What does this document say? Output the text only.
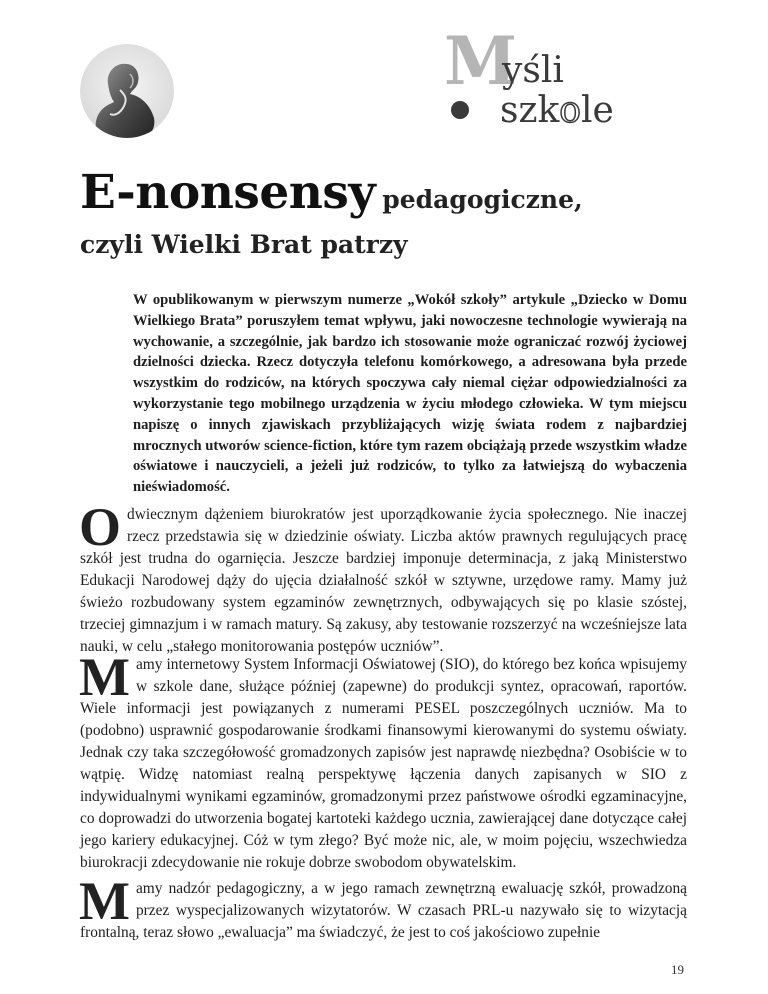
M
yśli
szkole
E-nonsensy pedagogiczne,
czyli Wielki Brat patrzy

W opublikowanym w pierwszym numerze „Wokół szkoły” artykule „Dziecko w Domu Wielkiego Brata” poruszyłem temat wpływu, jaki nowoczesne technologie wywierają na wychowanie, a szczególnie, jak bardzo ich stosowanie może ograniczać rozwój życiowej dzielności dziecka. Rzecz dotyczyła telefonu komórkowego, a adresowana była przede wszystkim do rodziców, na których spoczywa cały niemal ciężar odpowiedzialności za wykorzystanie tego mobilnego urządzenia w życiu młodego człowieka. W tym miejscu napiszę o innych zjawiskach przybliżających wizję świata rodem z najbardziej mrocznych utworów science-fiction, które tym razem obciążają przede wszystkim władze oświatowe i nauczycieli, a jeżeli już rodziców, to tylko za łatwiejszą do wybaczenia nieświadomość.

Odwiecznym dążeniem biurokratów jest uporządkowanie życia społecznego. Nie inaczej rzecz przedstawia się w dziedzinie oświaty. Liczba aktów prawnych regulujących pracę szkół jest trudna do ogarnięcia. Jeszcze bardziej imponuje determinacja, z jaką Ministerstwo Edukacji Narodowej dąży do ujęcia działalność szkół w sztywne, urzędowe ramy. Mamy już świeżo rozbudowany system egzaminów zewnętrznych, odbywających się po klasie szóstej, trzeciej gimnazjum i w ramach matury. Są zakusy, aby testowanie rozszerzyć na wcześniejsze lata nauki, w celu „stałego monitorowania postępów uczniów”.

Mamy internetowy System Informacji Oświatowej (SIO), do którego bez końca wpisujemy w szkole dane, służące później (zapewne) do produkcji syntez, opracowań, raportów. Wiele informacji jest powiązanych z numerami PESEL poszczególnych uczniów. Ma to (podobno) usprawnić gospodarowanie środkami finansowymi kierowanymi do systemu oświaty. Jednak czy taka szczegółowość gromadzonych zapisów jest naprawdę niezbędna? Osobiście w to wątpię. Widzę natomiast realną perspektywę łączenia danych zapisanych w SIO z indywidualnymi wynikami egzaminów, gromadzonymi przez państwowe ośrodki egzaminacyjne, co doprowadzi do utworzenia bogatej kartoteki każdego ucznia, zawierającej dane dotyczące całej jego kariery edukacyjnej. Cóż w tym złego? Być może nic, ale, w moim pojęciu, wszechwiedza biurokracji zdecydowanie nie rokuje dobrze swobodom obywatelskim.

Mamy nadzór pedagogiczny, a w jego ramach zewnętrzną ewaluację szkół, prowadzoną przez wyspecjalizowanych wizytatorów. W czasach PRL-u nazywało się to wizytacją frontalną, teraz słowo „ewaluacja” ma świadczyć, że jest to coś jakościowo zupełnie

19
